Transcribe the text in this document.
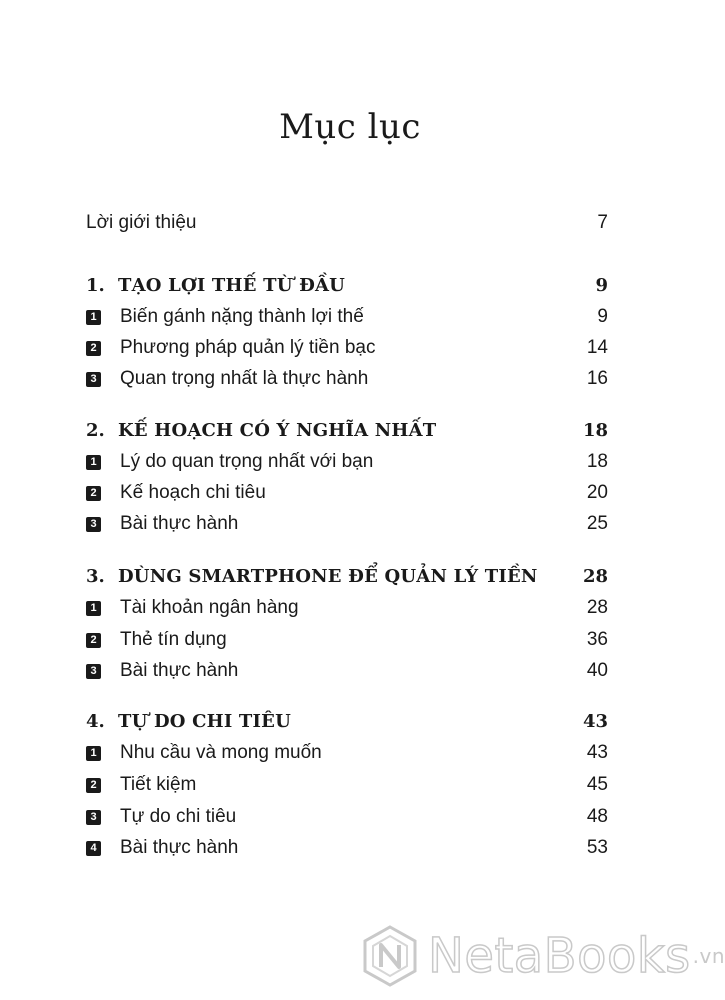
Mục lục
Lời giới thiệu	7
1. TẠO LỢI THẾ TỪ ĐẦU	9
1 Biến gánh nặng thành lợi thế	9
2 Phương pháp quản lý tiền bạc	14
3 Quan trọng nhất là thực hành	16
2. KẾ HOẠCH CÓ Ý NGHĨA NHẤT	18
1 Lý do quan trọng nhất với bạn	18
2 Kế hoạch chi tiêu	20
3 Bài thực hành	25
3. DÙNG SMARTPHONE ĐỂ QUẢN LÝ TIỀN	28
1 Tài khoản ngân hàng	28
2 Thẻ tín dụng	36
3 Bài thực hành	40
4. TỰ DO CHI TIÊU	43
1 Nhu cầu và mong muốn	43
2 Tiết kiệm	45
3 Tự do chi tiêu	48
4 Bài thực hành	53
NetaBooks .vn
